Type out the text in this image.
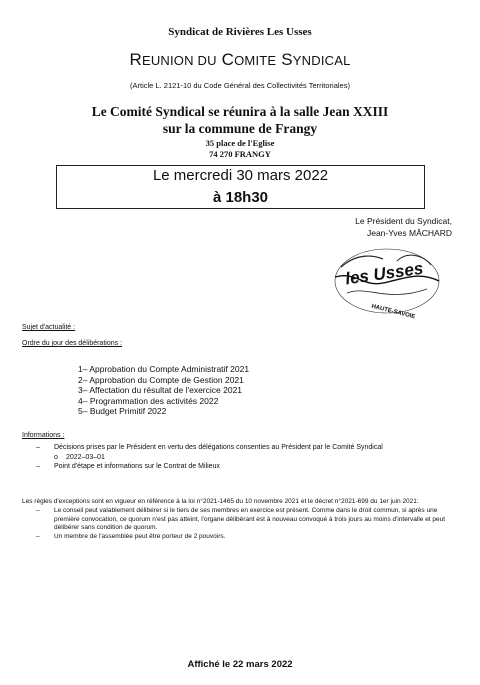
Syndicat de Rivières Les Usses
REUNION DU COMITE SYNDICAL
(Article L. 2121-10 du Code Général des Collectivités Territoriales)
Le Comité Syndical se réunira à la salle Jean XXIII
sur la commune de Frangy
35 place de l'Eglise
74 270 FRANGY
Le mercredi 30 mars 2022
à 18h30
Le Président du Syndicat,
Jean-Yves MÂCHARD
les Usses
HAUTE-SAVOIE
Sujet d'actualité :
Ordre du jour des délibérations :
1– Approbation du Compte Administratif 2021
2– Approbation du Compte de Gestion 2021
3– Affectation du résultat de l'exercice 2021
4– Programmation des activités 2022
5– Budget Primitif 2022
Informations :
– Décisions prises par le Président en vertu des délégations consenties au Président par le Comité Syndical
o 2022–03–01
– Point d'étape et informations sur le Contrat de Milieux
Les règles d'exceptions sont en vigueur en référence à la loi n°2021-1465 du 10 novembre 2021 et le décret n°2021-699 du 1er juin 2021:
– Le conseil peut valablement délibérer si le tiers de ses membres en exercice est présent. Comme dans le droit commun, si après une première convocation, ce quorum n'est pas atteint, l'organe délibérant est à nouveau convoqué à trois jours au moins d'intervalle et peut délibérer sans condition de quorum.
– Un membre de l'assemblée peut être porteur de 2 pouvoirs.
Affiché le 22 mars 2022
